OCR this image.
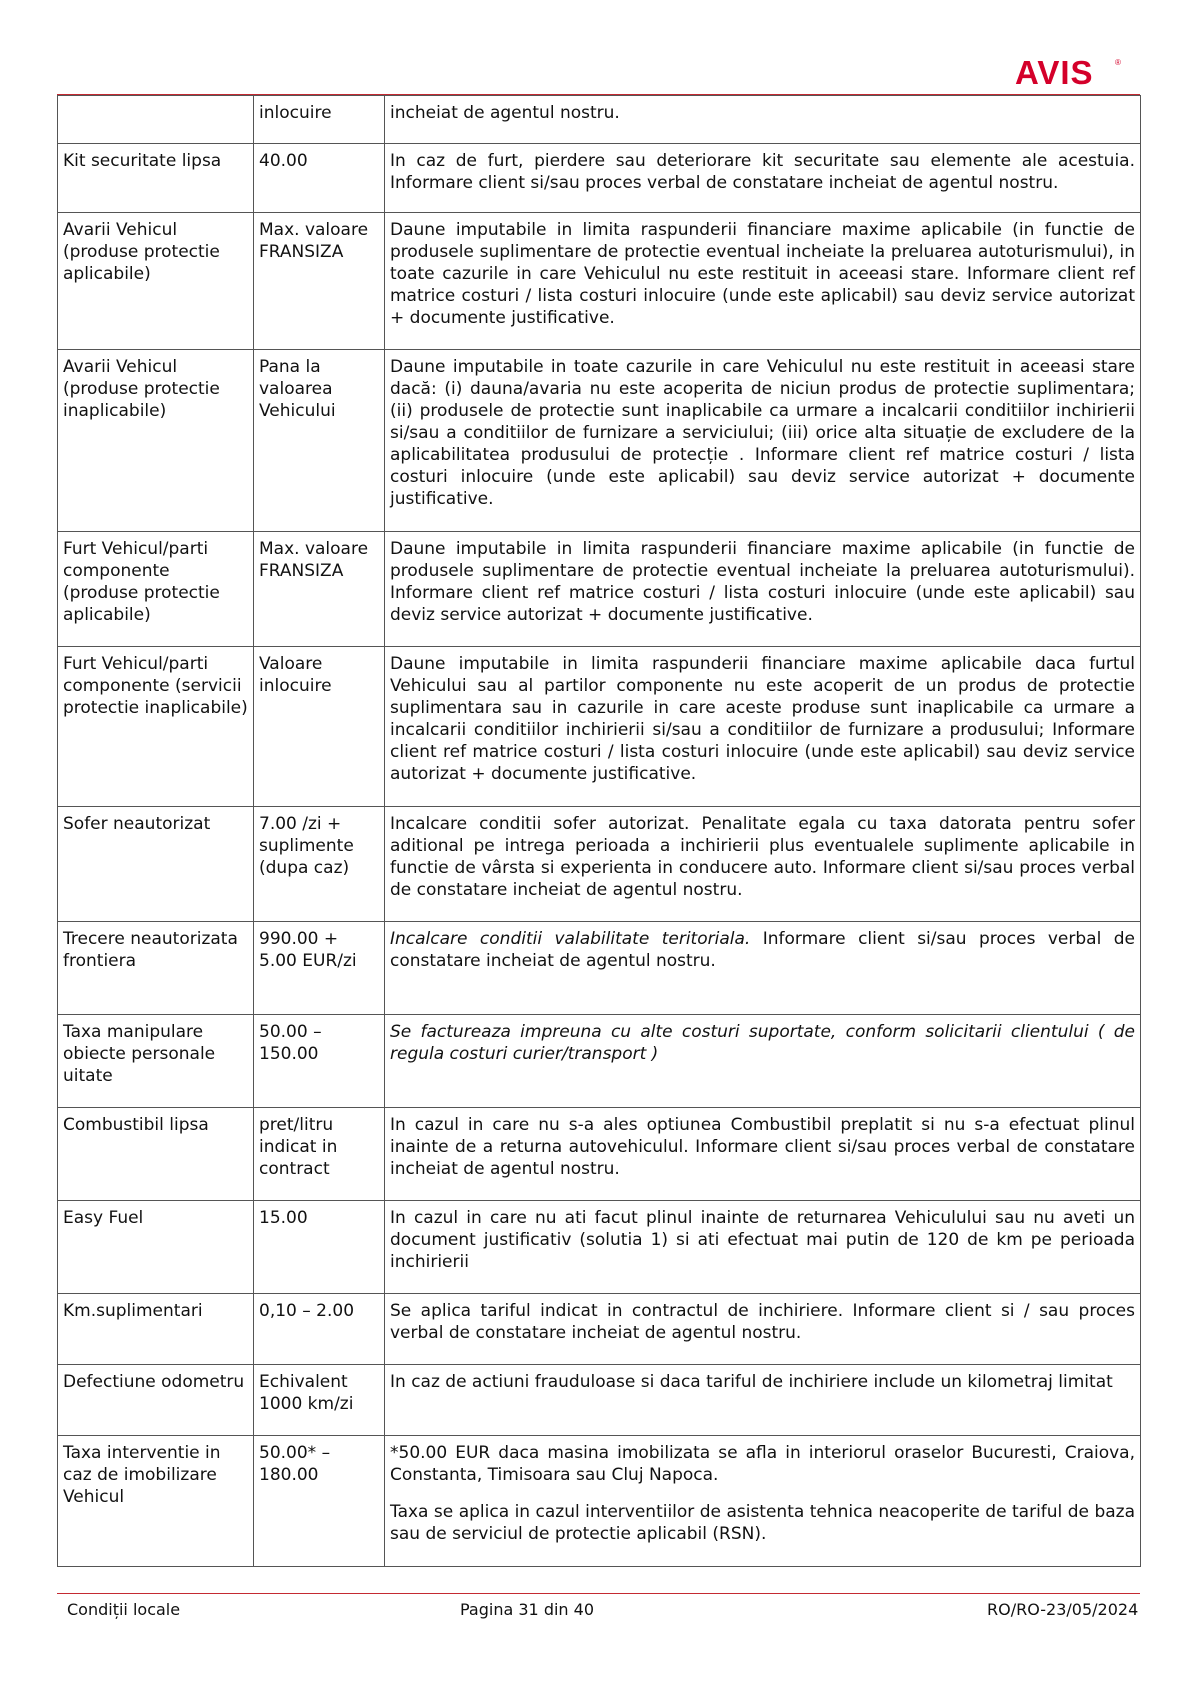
AVIS	®
	inlocuire	incheiat de agentul nostru.
Kit securitate lipsa	40.00	In caz de furt, pierdere sau deteriorare kit securitate sau elemente ale acestuia. Informare client si/sau proces verbal de constatare incheiat de agentul nostru.
Avarii Vehicul (produse protectie aplicabile)	Max. valoare FRANSIZA	Daune imputabile in limita raspunderii financiare maxime aplicabile (in functie de produsele suplimentare de protectie eventual incheiate la preluarea autoturismului), in toate cazurile in care Vehiculul nu este restituit in aceeasi stare. Informare client ref matrice costuri / lista costuri inlocuire (unde este aplicabil) sau deviz service autorizat + documente justificative.
Avarii Vehicul (produse protectie inaplicabile)	Pana la valoarea Vehicului	Daune imputabile in toate cazurile in care Vehiculul nu este restituit in aceeasi stare dacă: (i) dauna/avaria nu este acoperita de niciun produs de protectie suplimentara; (ii) produsele de protectie sunt inaplicabile ca urmare a incalcarii conditiilor inchirierii si/sau a conditiilor de furnizare a serviciului; (iii) orice alta situație de excludere de la aplicabilitatea produsului de protecție . Informare client ref matrice costuri / lista costuri inlocuire (unde este aplicabil) sau deviz service autorizat + documente justificative.
Furt Vehicul/parti componente (produse protectie aplicabile)	Max. valoare FRANSIZA	Daune imputabile in limita raspunderii financiare maxime aplicabile (in functie de produsele suplimentare de protectie eventual incheiate la preluarea autoturismului). Informare client ref matrice costuri / lista costuri inlocuire (unde este aplicabil) sau deviz service autorizat + documente justificative.
Furt Vehicul/parti componente (servicii protectie inaplicabile)	Valoare inlocuire	Daune imputabile in limita raspunderii financiare maxime aplicabile daca furtul Vehicului sau al partilor componente nu este acoperit de un produs de protectie suplimentara sau in cazurile in care aceste produse sunt inaplicabile ca urmare a incalcarii conditiilor inchirierii si/sau a conditiilor de furnizare a produsului; Informare client ref matrice costuri / lista costuri inlocuire (unde este aplicabil) sau deviz service autorizat + documente justificative.
Sofer neautorizat	7.00 /zi + suplimente (dupa caz)	Incalcare conditii sofer autorizat. Penalitate egala cu taxa datorata pentru sofer aditional pe intrega perioada a inchirierii plus eventualele suplimente aplicabile in functie de vârsta si experienta in conducere auto. Informare client si/sau proces verbal de constatare incheiat de agentul nostru.
Trecere neautorizata frontiera	990.00 + 5.00 EUR/zi	Incalcare conditii valabilitate teritoriala. Informare client si/sau proces verbal de constatare incheiat de agentul nostru.
Taxa manipulare obiecte personale uitate	50.00 – 150.00	Se factureaza impreuna cu alte costuri suportate, conform solicitarii clientului ( de regula costuri curier/transport )
Combustibil lipsa	pret/litru indicat in contract	In cazul in care nu s-a ales optiunea Combustibil preplatit si nu s-a efectuat plinul inainte de a returna autovehiculul. Informare client si/sau proces verbal de constatare incheiat de agentul nostru.
Easy Fuel	15.00	In cazul in care nu ati facut plinul inainte de returnarea Vehiculului sau nu aveti un document justificativ (solutia 1) si ati efectuat mai putin de 120 de km pe perioada inchirierii
Km.suplimentari	0,10 – 2.00	Se aplica tariful indicat in contractul de inchiriere. Informare client si / sau proces verbal de constatare incheiat de agentul nostru.
Defectiune odometru	Echivalent 1000 km/zi	In caz de actiuni frauduloase si daca tariful de inchiriere include un kilometraj limitat
Taxa interventie in caz de imobilizare Vehicul	50.00* – 180.00	*50.00 EUR daca masina imobilizata se afla in interiorul oraselor Bucuresti, Craiova, Constanta, Timisoara sau Cluj Napoca.
Taxa se aplica in cazul interventiilor de asistenta tehnica neacoperite de tariful de baza sau de serviciul de protectie aplicabil (RSN).
Condiții locale	Pagina 31 din 40	RO/RO-23/05/2024
